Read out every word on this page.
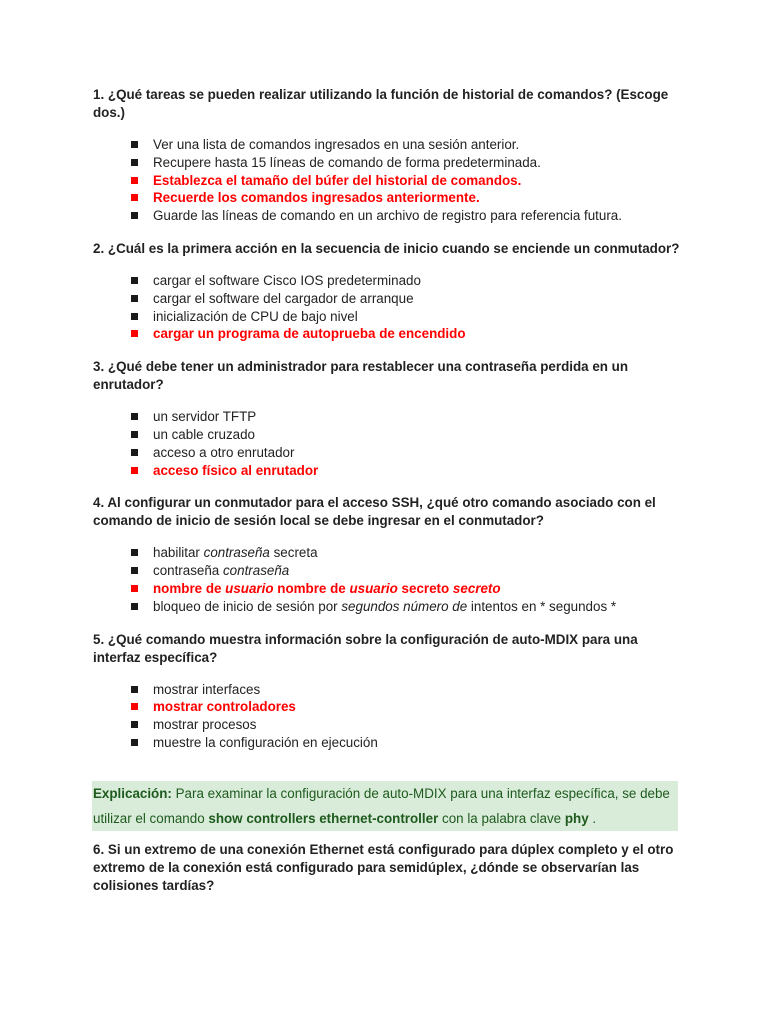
1. ¿Qué tareas se pueden realizar utilizando la función de historial de comandos? (Escoge dos.)

Ver una lista de comandos ingresados en una sesión anterior.
Recupere hasta 15 líneas de comando de forma predeterminada.
Establezca el tamaño del búfer del historial de comandos.
Recuerde los comandos ingresados anteriormente.
Guarde las líneas de comando en un archivo de registro para referencia futura.

2. ¿Cuál es la primera acción en la secuencia de inicio cuando se enciende un conmutador?

cargar el software Cisco IOS predeterminado
cargar el software del cargador de arranque
inicialización de CPU de bajo nivel
cargar un programa de autoprueba de encendido

3. ¿Qué debe tener un administrador para restablecer una contraseña perdida en un enrutador?

un servidor TFTP
un cable cruzado
acceso a otro enrutador
acceso físico al enrutador

4. Al configurar un conmutador para el acceso SSH, ¿qué otro comando asociado con el comando de inicio de sesión local se debe ingresar en el conmutador?

habilitar contraseña secreta
contraseña contraseña
nombre de usuario nombre de usuario secreto secreto
bloqueo de inicio de sesión por segundos número de intentos en * segundos *

5. ¿Qué comando muestra información sobre la configuración de auto-MDIX para una interfaz específica?

mostrar interfaces
mostrar controladores
mostrar procesos
muestre la configuración en ejecución
Explicación: Para examinar la configuración de auto-MDIX para una interfaz específica, se debe utilizar el comando show controllers ethernet-controller con la palabra clave phy .

6. Si un extremo de una conexión Ethernet está configurado para dúplex completo y el otro extremo de la conexión está configurado para semidúplex, ¿dónde se observarían las colisiones tardías?
